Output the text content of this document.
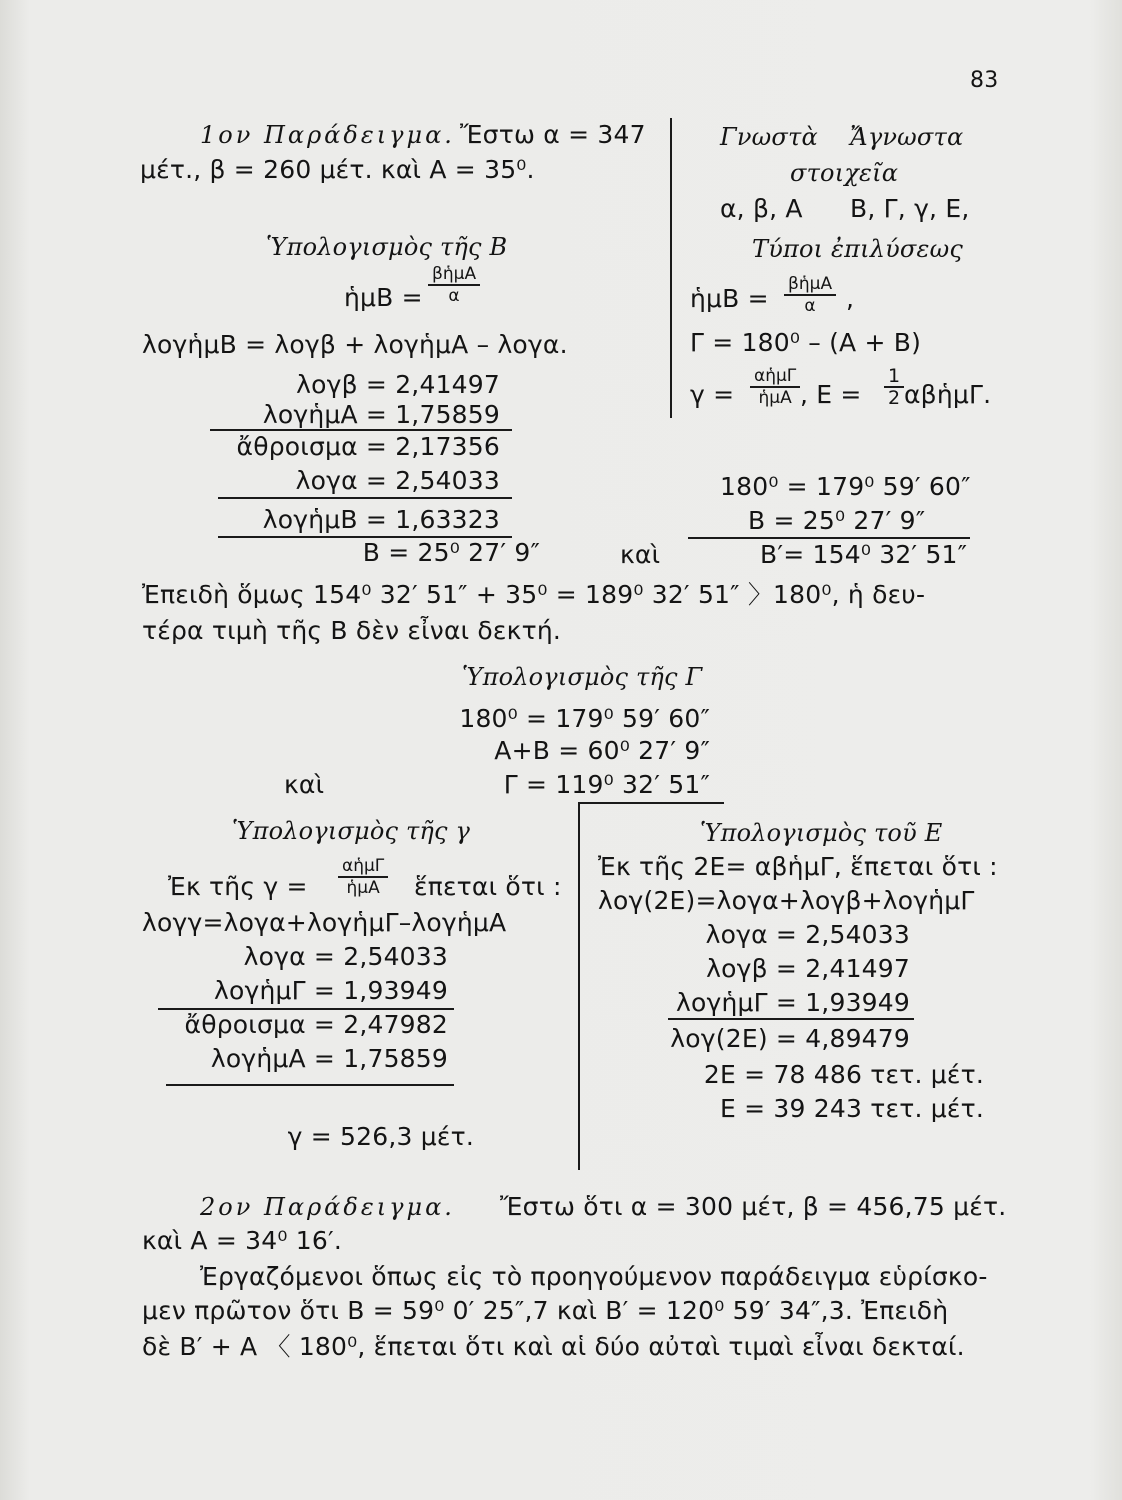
83
1ον Παράδειγμα. Ἔστω α = 347
μέτ., β = 260 μέτ. καὶ Α = 35⁰.
Γνωστὰ Ἄγνωστα
στοιχεῖα
α, β, Α Β, Γ, γ, Ε,
Τύποι ἐπιλύσεως
ἡμΒ = βἡμΑ
α ,
Γ = 180⁰ – (Α + Β)
γ =
αἡμΓ
ἡμΑ , $E = \frac{1}{2}$ αβἡμΓ.
Ὑπολογισμὸς τῆς Β
ἡμΒ =
βἡμΑ
α
λογἡμΒ = λογβ + λογἡμΑ – λογα.
λογβ = 2,41497
λογἡμΑ = 1,75859
ἄθροισμα = 2,17356
λογα = 2,54033
λογἡμΒ = 1,63323
Β = 25⁰ 27′ 9″	καὶ
180⁰ = 179⁰ 59′ 60″
Β = 25⁰ 27′ 9″
Β′= 154⁰ 32′ 51″
Ἐπειδὴ ὅμως 154⁰ 32′ 51″ + 35⁰ = 189⁰ 32′ 51″ 〉180⁰, ἡ δευ-
τέρα τιμὴ τῆς Β δὲν εἶναι δεκτή.
Ὑπολογισμὸς τῆς Γ
180⁰ = 179⁰ 59′ 60″
Α+Β = 60⁰ 27′ 9″
καὶ	Γ = 119⁰ 32′ 51″
Ὑπολογισμὸς τῆς γ
Ἐκ τῆς γ =
αἡμΓ
ἡμΑ ἕπεται ὅτι :
λογγ=λογα+λογἡμΓ–λογἡμΑ
λογα = 2,54033
λογἡμΓ = 1,93949
ἄθροισμα = 2,47982
λογἡμΑ = 1,75859
γ = 526,3 μέτ.
Ὑπολογισμὸς τοῦ Ε
Ἐκ τῆς 2Ε= αβἡμΓ, ἕπεται ὅτι :
λογ(2Ε)=λογα+λογβ+λογἡμΓ
λογα = 2,54033
λογβ = 2,41497
λογἡμΓ = 1,93949
λογ(2Ε) = 4,89479
2Ε = 78 486 τετ. μέτ.
Ε = 39 243 τετ. μέτ.
2ον Παράδειγμα. Ἔστω ὅτι α = 300 μέτ, β = 456,75 μέτ.
καὶ Α = 34⁰ 16′.
Ἐργαζόμενοι ὅπως εἰς τὸ προηγούμενον παράδειγμα εὑρίσκο-
μεν πρῶτον ὅτι Β = 59⁰ 0′ 25″,7 καὶ Β′ = 120⁰ 59′ 34″,3. Ἐπειδὴ
δὲ Β′ + Α 〈 180⁰, ἕπεται ὅτι καὶ αἱ δύο αὐταὶ τιμαὶ εἶναι δεκταί.
